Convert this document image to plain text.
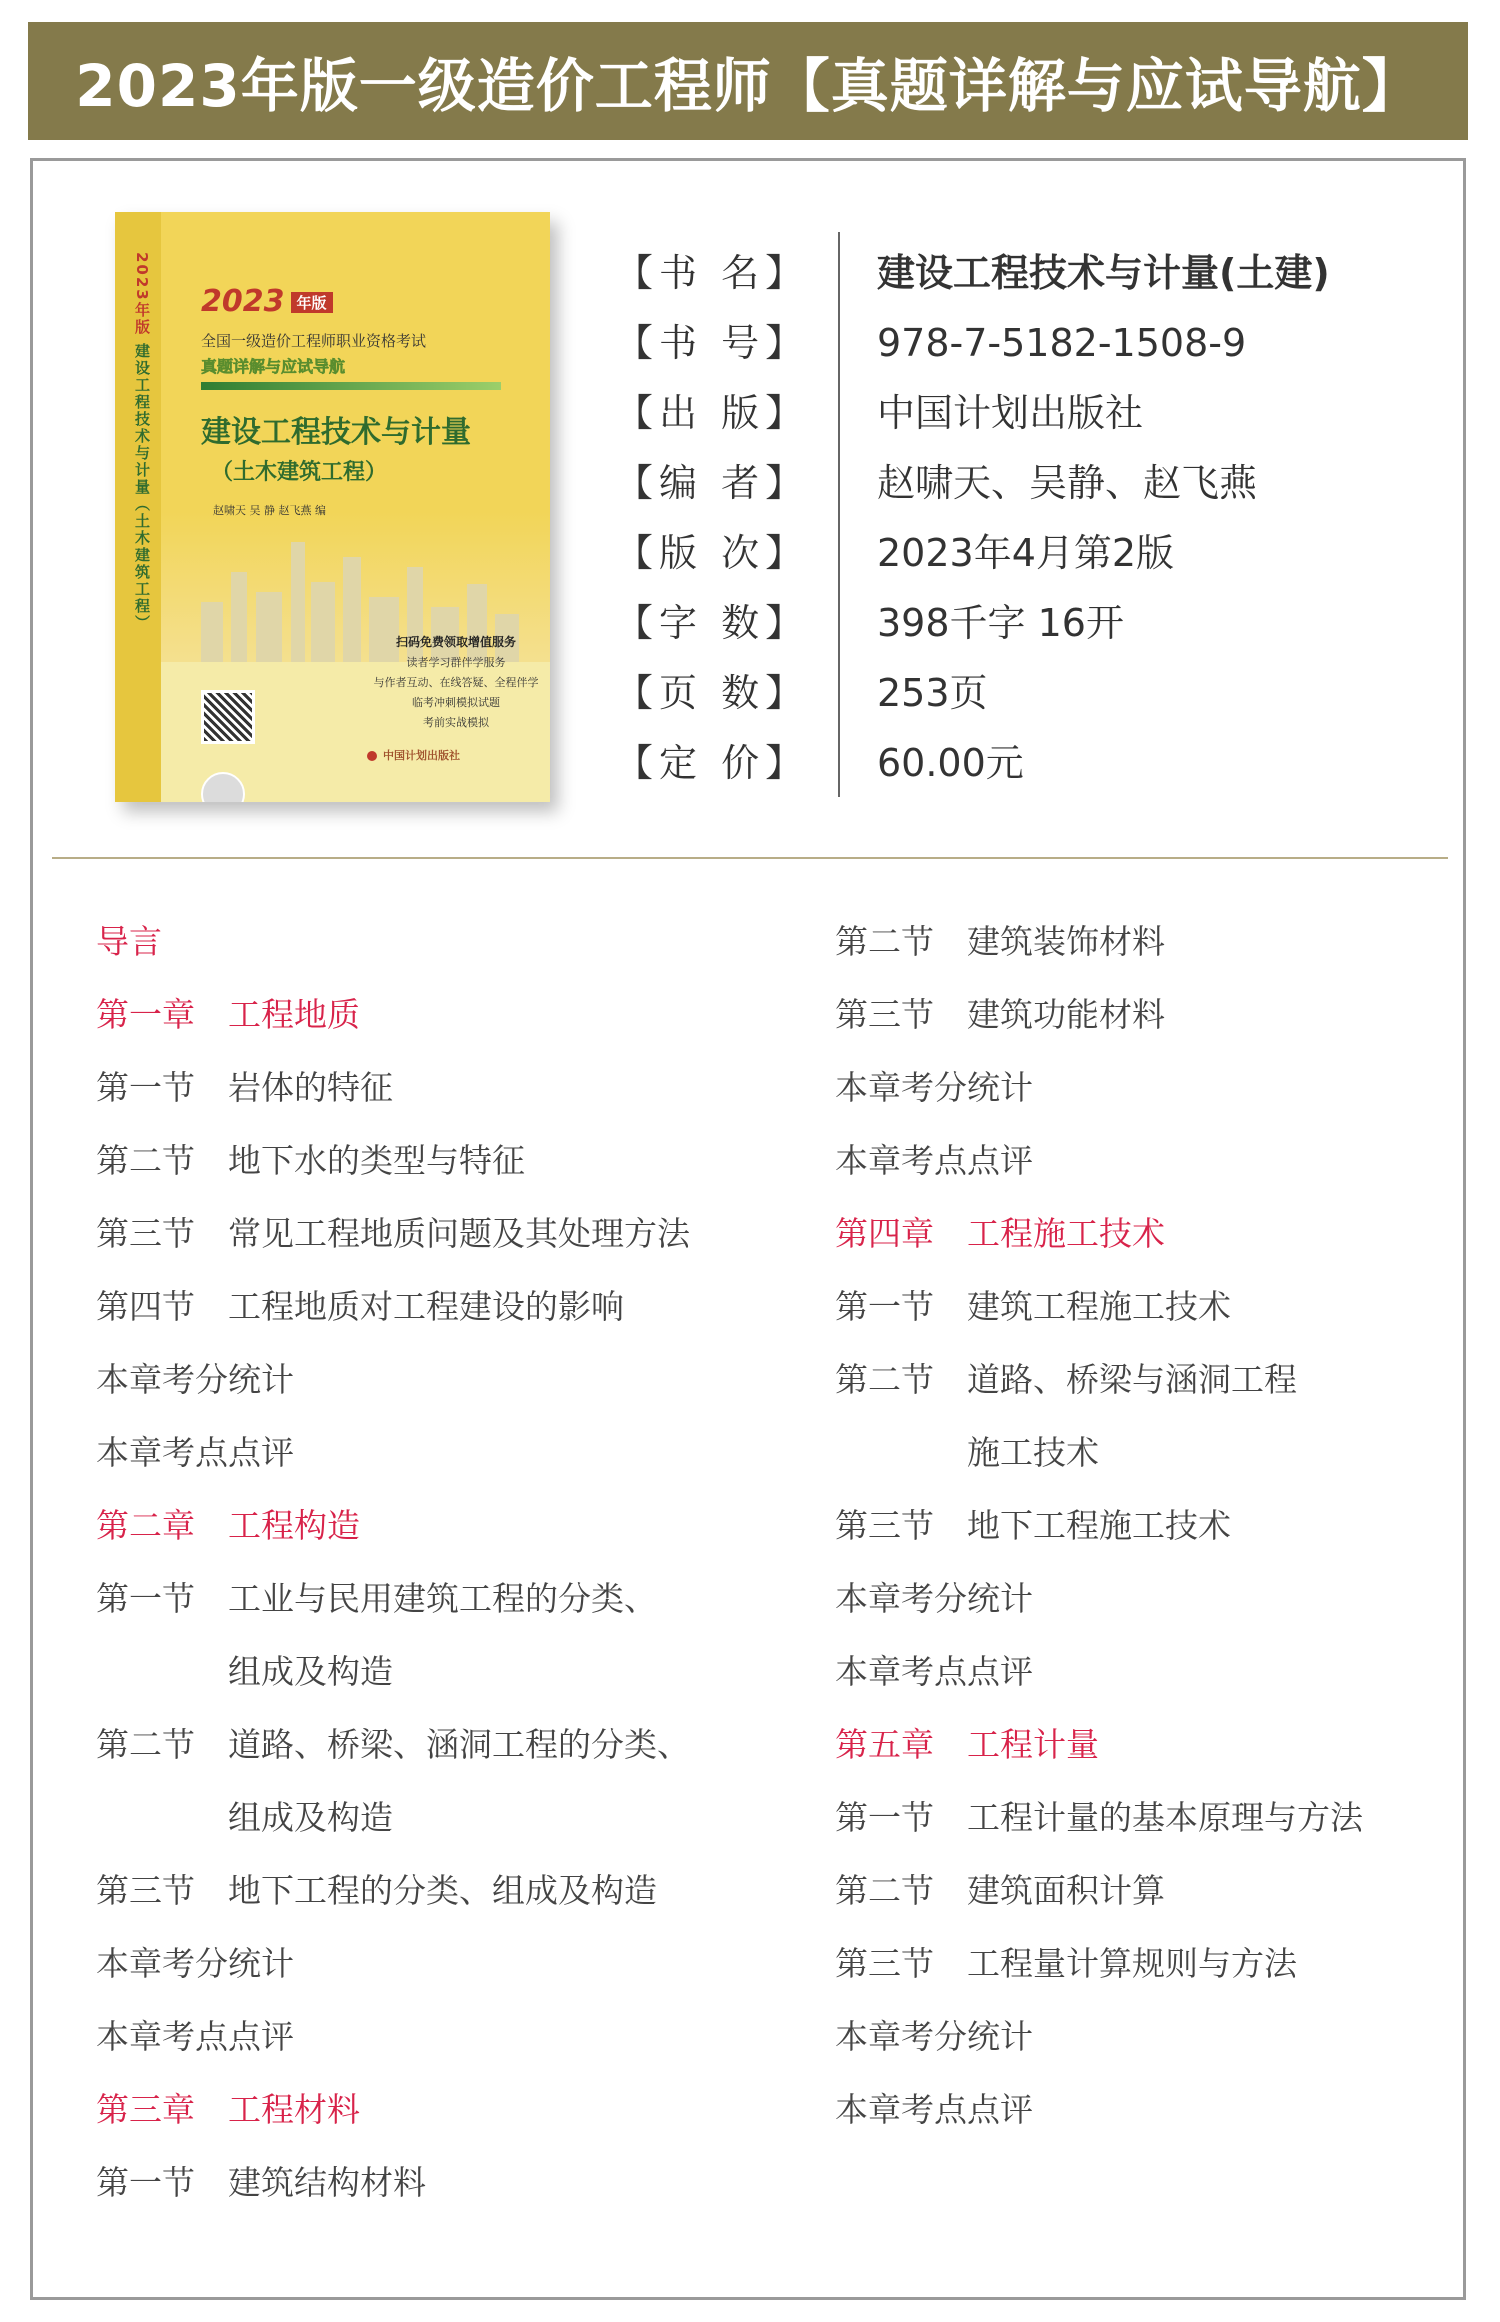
2023年版一级造价工程师【真题详解与应试导航】
2023年版 建设工程技术与计量（土木建筑工程）
2023 年版
全国一级造价工程师职业资格考试
真题详解与应试导航
建设工程技术与计量
（土木建筑工程）
赵啸天 吴 静 赵飞燕 编
扫码免费领取增值服务
读者学习群伴学服务
与作者互动、在线答疑、全程伴学
临考冲刺模拟试题
考前实战模拟
中国计划出版社
【书 名】
【书 号】
【出 版】
【编 者】
【版 次】
【字 数】
【页 数】
【定 价】
建设工程技术与计量(土建)
978-7-5182-1508-9
中国计划出版社
赵啸天、吴静、赵飞燕
2023年4月第2版
398千字 16开
253页
60.00元
导言
第一章 工程地质
第一节 岩体的特征
第二节 地下水的类型与特征
第三节 常见工程地质问题及其处理方法
第四节 工程地质对工程建设的影响
本章考分统计
本章考点点评
第二章 工程构造
第一节 工业与民用建筑工程的分类、
组成及构造
第二节 道路、桥梁、涵洞工程的分类、
组成及构造
第三节 地下工程的分类、组成及构造
本章考分统计
本章考点点评
第三章 工程材料
第一节 建筑结构材料
第二节 建筑装饰材料
第三节 建筑功能材料
本章考分统计
本章考点点评
第四章 工程施工技术
第一节 建筑工程施工技术
第二节 道路、桥梁与涵洞工程
施工技术
第三节 地下工程施工技术
本章考分统计
本章考点点评
第五章 工程计量
第一节 工程计量的基本原理与方法
第二节 建筑面积计算
第三节 工程量计算规则与方法
本章考分统计
本章考点点评
